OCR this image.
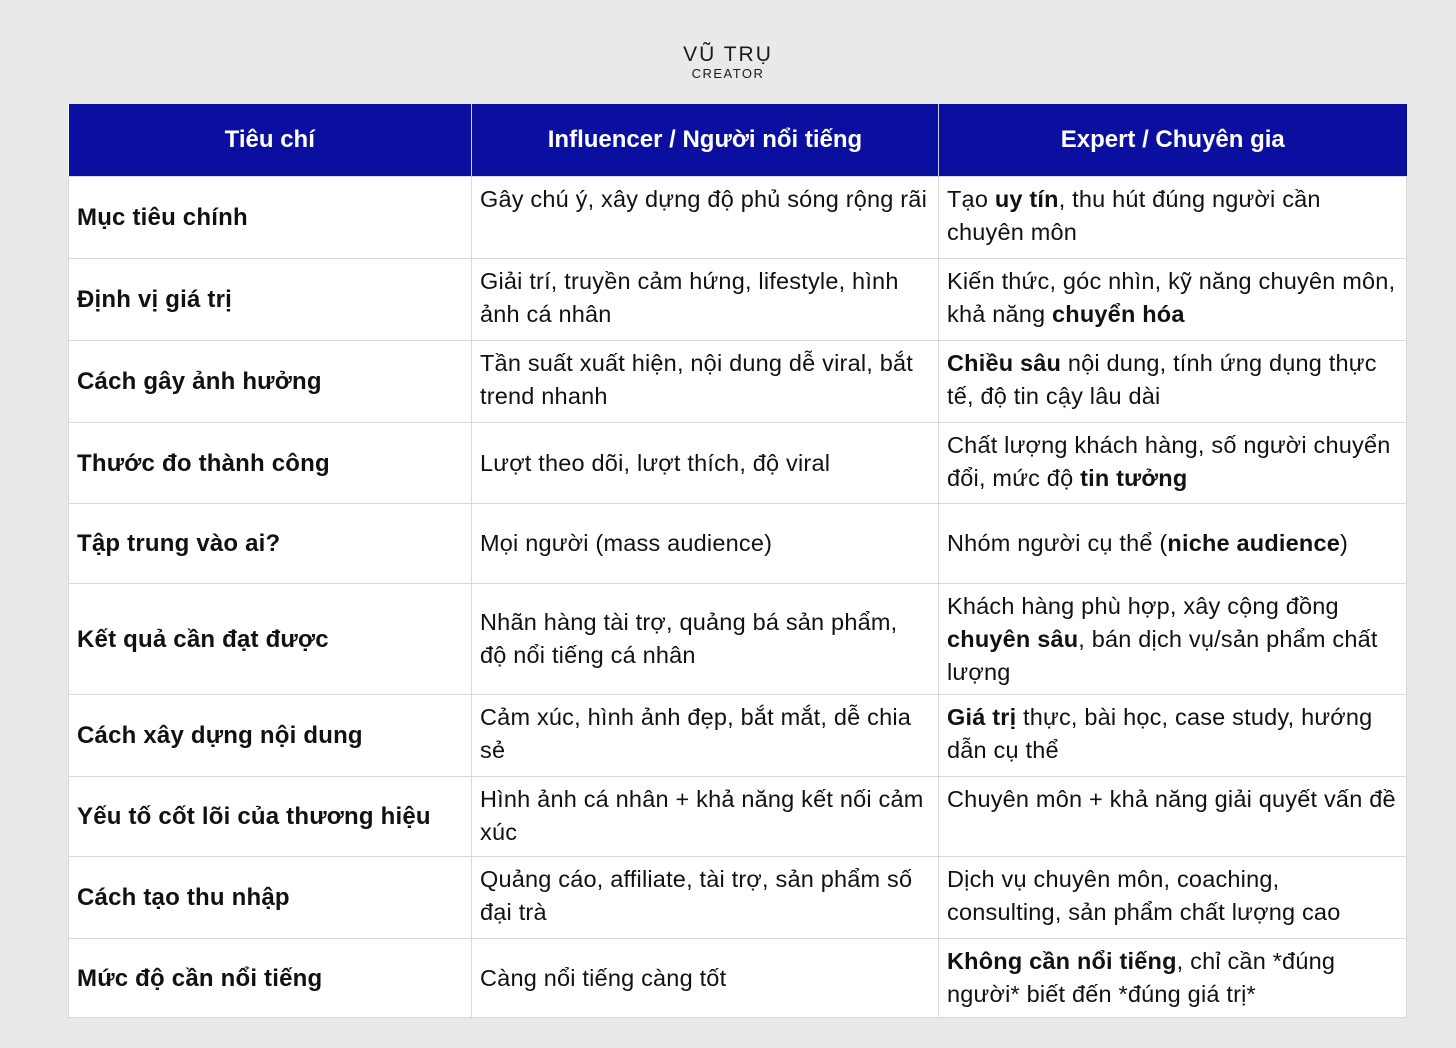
VŨ TRỤ
CREATOR
Tiêu chí	Influencer / Người nổi tiếng	Expert / Chuyên gia
Mục tiêu chính	Gây chú ý, xây dựng độ phủ sóng rộng rãi	Tạo uy tín, thu hút đúng người cần chuyên môn
Định vị giá trị	Giải trí, truyền cảm hứng, lifestyle, hình ảnh cá nhân	Kiến thức, góc nhìn, kỹ năng chuyên môn, khả năng chuyển hóa
Cách gây ảnh hưởng	Tần suất xuất hiện, nội dung dễ viral, bắt trend nhanh	Chiều sâu nội dung, tính ứng dụng thực tế, độ tin cậy lâu dài
Thước đo thành công	Lượt theo dõi, lượt thích, độ viral	Chất lượng khách hàng, số người chuyển đổi, mức độ tin tưởng
Tập trung vào ai?	Mọi người (mass audience)	Nhóm người cụ thể (niche audience)
Kết quả cần đạt được	Nhãn hàng tài trợ, quảng bá sản phẩm, độ nổi tiếng cá nhân	Khách hàng phù hợp, xây cộng đồng chuyên sâu, bán dịch vụ/sản phẩm chất lượng
Cách xây dựng nội dung	Cảm xúc, hình ảnh đẹp, bắt mắt, dễ chia sẻ	Giá trị thực, bài học, case study, hướng dẫn cụ thể
Yếu tố cốt lõi của thương hiệu	Hình ảnh cá nhân + khả năng kết nối cảm xúc	Chuyên môn + khả năng giải quyết vấn đề
Cách tạo thu nhập	Quảng cáo, affiliate, tài trợ, sản phẩm số đại trà	Dịch vụ chuyên môn, coaching, consulting, sản phẩm chất lượng cao
Mức độ cần nổi tiếng	Càng nổi tiếng càng tốt	Không cần nổi tiếng, chỉ cần *đúng người* biết đến *đúng giá trị*
